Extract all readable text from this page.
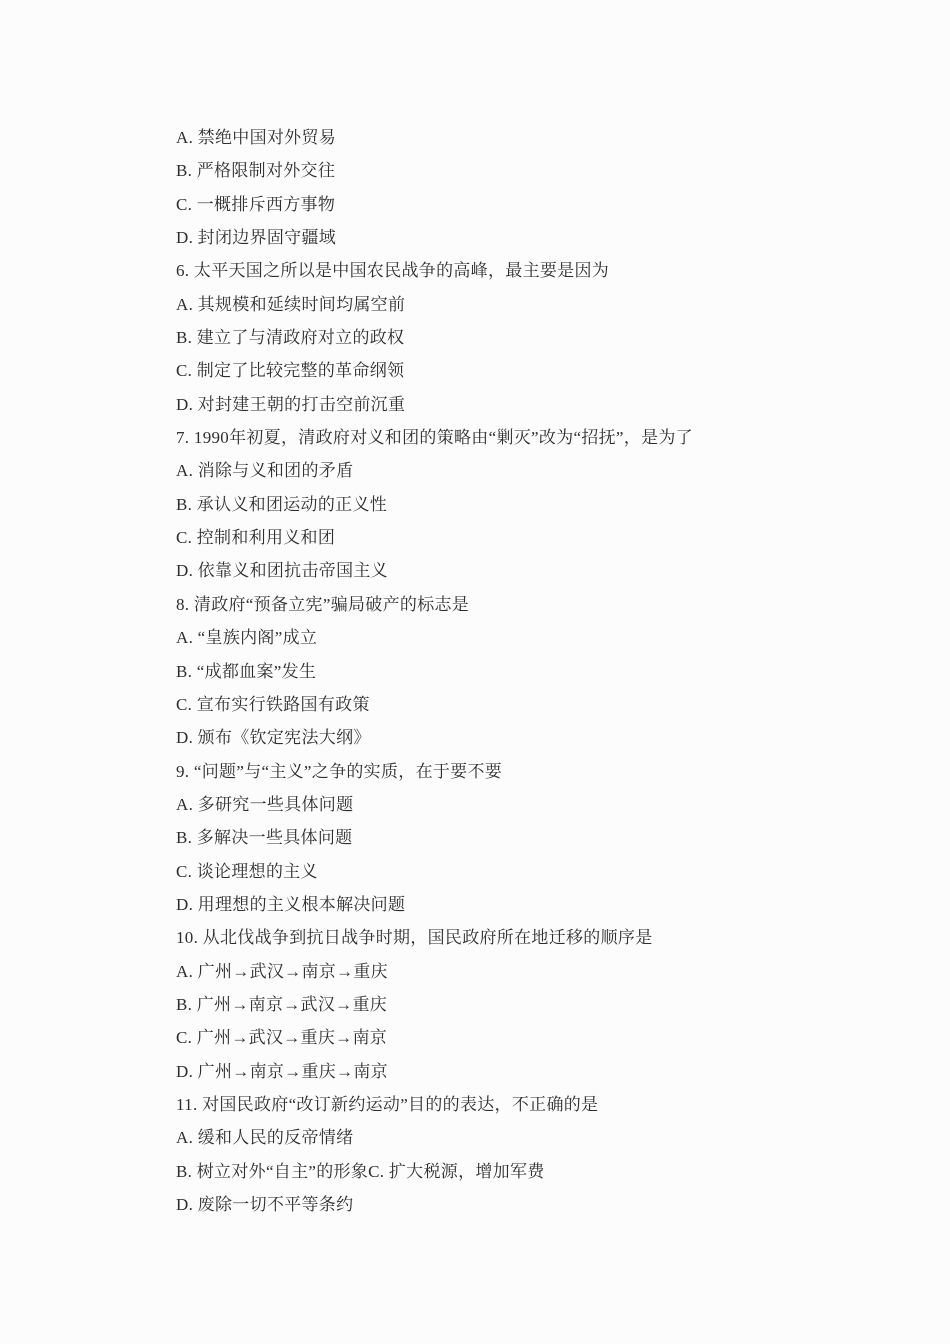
A. 禁绝中国对外贸易
B. 严格限制对外交往
C. 一概排斥西方事物
D. 封闭边界固守疆域
6. 太平天国之所以是中国农民战争的高峰，最主要是因为
A. 其规模和延续时间均属空前
B. 建立了与清政府对立的政权
C. 制定了比较完整的革命纲领
D. 对封建王朝的打击空前沉重
7. 1990年初夏，清政府对义和团的策略由“剿灭”改为“招抚”，是为了
A. 消除与义和团的矛盾
B. 承认义和团运动的正义性
C. 控制和利用义和团
D. 依靠义和团抗击帝国主义
8. 清政府“预备立宪”骗局破产的标志是
A. “皇族内阁”成立
B. “成都血案”发生
C. 宣布实行铁路国有政策
D. 颁布《钦定宪法大纲》
9. “问题”与“主义”之争的实质，在于要不要
A. 多研究一些具体问题
B. 多解决一些具体问题
C. 谈论理想的主义
D. 用理想的主义根本解决问题
10. 从北伐战争到抗日战争时期，国民政府所在地迁移的顺序是
A. 广州→武汉→南京→重庆
B. 广州→南京→武汉→重庆
C. 广州→武汉→重庆→南京
D. 广州→南京→重庆→南京
11. 对国民政府“改订新约运动”目的的表达，不正确的是
A. 缓和人民的反帝情绪
B. 树立对外“自主”的形象C. 扩大税源，增加军费
D. 废除一切不平等条约
